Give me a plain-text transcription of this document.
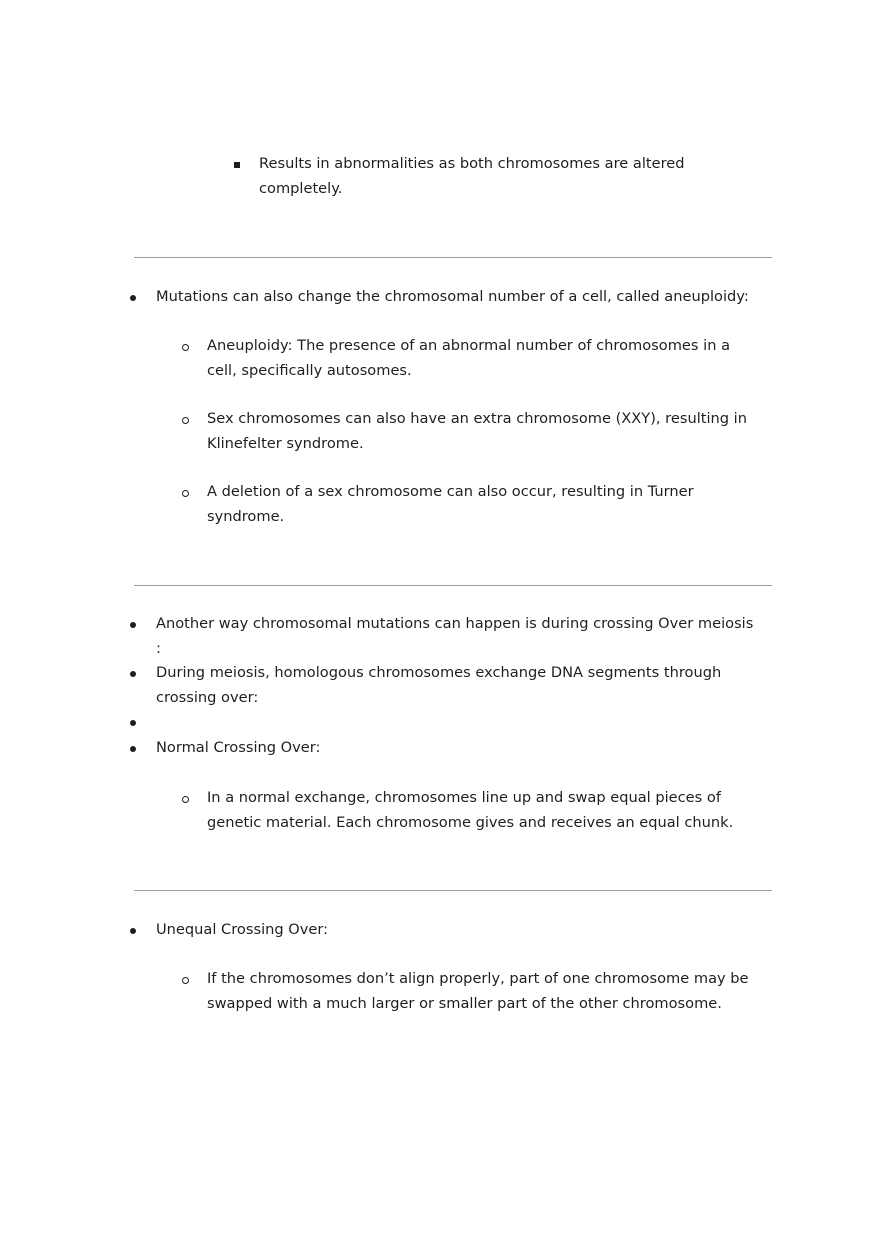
Results in abnormalities as both chromosomes are altered
completely.
Mutations can also change the chromosomal number of a cell, called aneuploidy:
Aneuploidy: The presence of an abnormal number of chromosomes in a
cell, specifically autosomes.
Sex chromosomes can also have an extra chromosome (XXY), resulting in
Klinefelter syndrome.
A deletion of a sex chromosome can also occur, resulting in Turner
syndrome.
Another way chromosomal mutations can happen is during crossing Over meiosis
:
During meiosis, homologous chromosomes exchange DNA segments through
crossing over:
Normal Crossing Over:
In a normal exchange, chromosomes line up and swap equal pieces of
genetic material. Each chromosome gives and receives an equal chunk.
Unequal Crossing Over:
If the chromosomes don’t align properly, part of one chromosome may be
swapped with a much larger or smaller part of the other chromosome.
